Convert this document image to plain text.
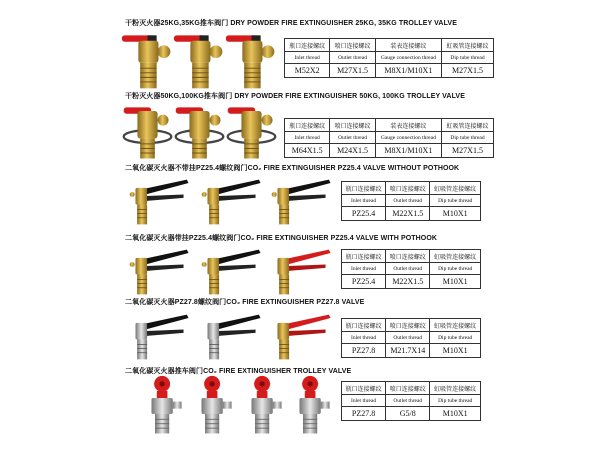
干粉灭火器25KG,35KG推车阀门 DRY POWDER FIRE EXTINGUISHER 25KG, 35KG TROLLEY VALVE
瓶口连接螺纹	喷口连接螺纹	装表连接螺纹	虹吸管连接螺纹
Inlet thread	Outlet thread	Gauge connection thread	Dip tube thread
M52X2	M27X1.5	M8X1/M10X1	M27X1.5
干粉灭火器50KG,100KG推车阀门 DRY POWDER FIRE EXTINGUISHER 50KG, 100KG TROLLEY VALVE
瓶口连接螺纹	喷口连接螺纹	装表连接螺纹	虹吸管连接螺纹
Inlet thread	Outlet thread	Gauge connection thread	Dip tube thread
M64X1.5	M24X1.5	M8X1/M10X1	M27X1.5
二氧化碳灭火器不带挂PZ25.4螺纹阀门CO₂ FIRE EXTINGUISHER PZ25.4 VALVE WITHOUT POTHOOK
瓶口连接螺纹	喷口连接螺纹	虹吸管连接螺纹
Inlet thread	Outlet thread	Dip tube thread
PZ25.4	M22X1.5	M10X1
二氧化碳灭火器带挂PZ25.4螺纹阀门CO₂ FIRE EXTINGUISHER PZ25.4 VALVE WITH POTHOOK
瓶口连接螺纹	喷口连接螺纹	虹吸管连接螺纹
Inlet thread	Outlet thread	Dip tube thread
PZ25.4	M22X1.5	M10X1
二氧化碳灭火器PZ27.8螺纹阀门CO₂ FIRE EXTINGUISHER PZ27.8 VALVE
瓶口连接螺纹	喷口连接螺纹	虹吸管连接螺纹
Inlet thread	Outlet thread	Dip tube thread
PZ27.8	M21.7X14	M10X1
二氧化碳灭火器推车阀门CO₂ FIRE EXTINGUISHER TROLLEY VALVE
瓶口连接螺纹	喷口连接螺纹	虹吸管连接螺纹
Inlet thread	Outlet thread	Dip tube thread
PZ27.8	G5/8	M10X1
